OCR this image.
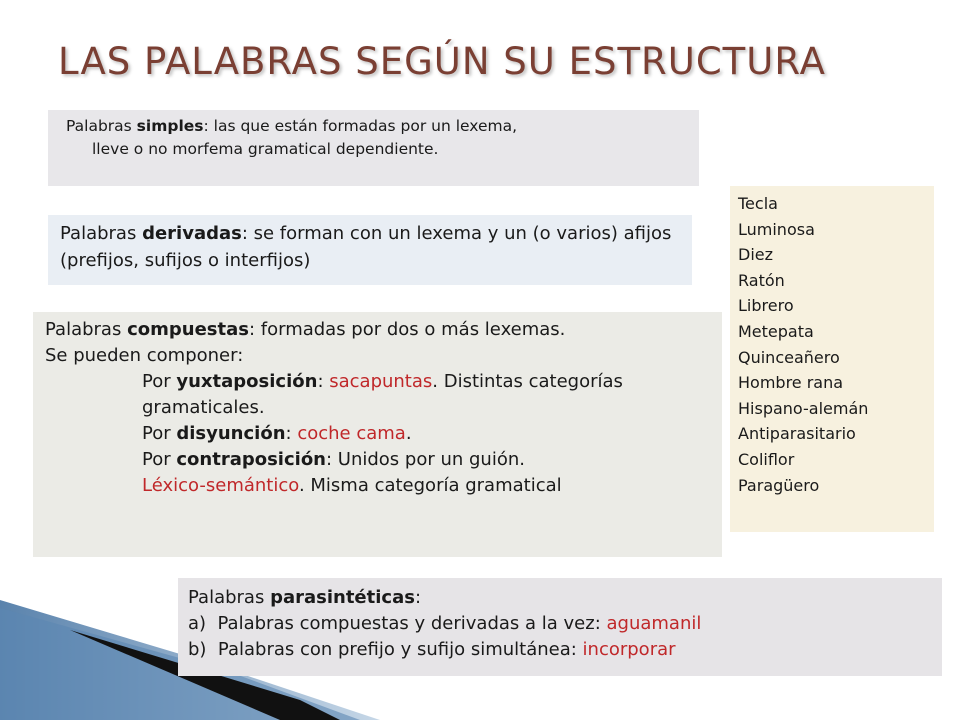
LAS PALABRAS SEGÚN SU ESTRUCTURA
Palabras simples: las que están formadas por un lexema,
lleve o no morfema gramatical dependiente.
Palabras derivadas: se forman con un lexema y un (o varios) afijos (prefijos, sufijos o interfijos)
Palabras compuestas: formadas por dos o más lexemas.
Se pueden componer:
Por yuxtaposición: sacapuntas. Distintas categorías gramaticales.
Por disyunción: coche cama.
Por contraposición: Unidos por un guión.
Léxico-semántico. Misma categoría gramatical
Tecla
Luminosa
Diez
Ratón
Librero
Metepata
Quinceañero
Hombre rana
Hispano-alemán
Antiparasitario
Coliflor
Paragüero
Palabras parasintéticas:
a) Palabras compuestas y derivadas a la vez: aguamanil
b) Palabras con prefijo y sufijo simultánea: incorporar
